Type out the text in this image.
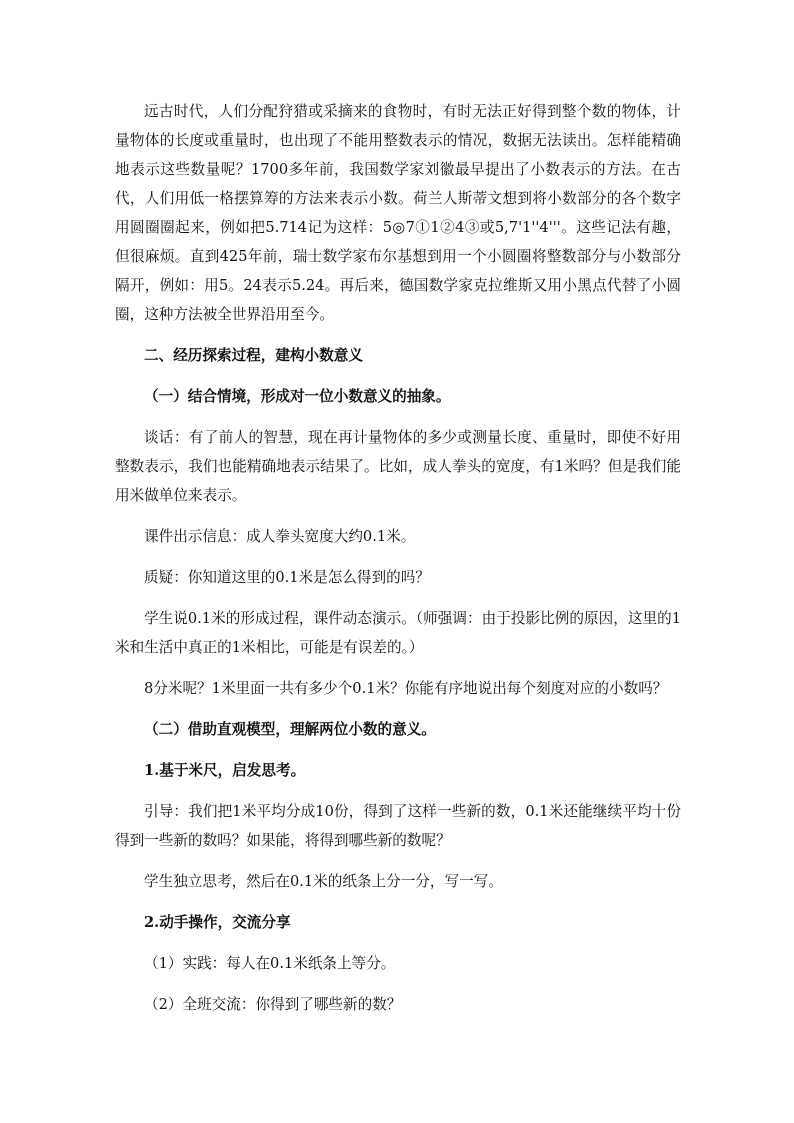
远古时代，人们分配狩猎或采摘来的食物时，有时无法正好得到整个数的物体，计量物体的长度或重量时，也出现了不能用整数表示的情况，数据无法读出。怎样能精确地表示这些数量呢？1700多年前，我国数学家刘徽最早提出了小数表示的方法。在古代，人们用低一格摆算筹的方法来表示小数。荷兰人斯蒂文想到将小数部分的各个数字用圆圈圈起来，例如把5.714记为这样：5◎7①1②4③或5,7'1''4'''。这些记法有趣，但很麻烦。直到425年前，瑞士数学家布尔基想到用一个小圆圈将整数部分与小数部分隔开，例如：用5。24表示5.24。再后来，德国数学家克拉维斯又用小黑点代替了小圆圈，这种方法被全世界沿用至今。

二、经历探索过程，建构小数意义

（一）结合情境，形成对一位小数意义的抽象。

谈话：有了前人的智慧，现在再计量物体的多少或测量长度、重量时，即使不好用整数表示，我们也能精确地表示结果了。比如，成人拳头的宽度，有1米吗？但是我们能用米做单位来表示。

课件出示信息：成人拳头宽度大约0.1米。

质疑：你知道这里的0.1米是怎么得到的吗？

学生说0.1米的形成过程，课件动态演示。（师强调：由于投影比例的原因，这里的1米和生活中真正的1米相比，可能是有误差的。）

8分米呢？1米里面一共有多少个0.1米？你能有序地说出每个刻度对应的小数吗？

（二）借助直观模型，理解两位小数的意义。

1.基于米尺，启发思考。

引导：我们把1米平均分成10份，得到了这样一些新的数，0.1米还能继续平均十份得到一些新的数吗？如果能，将得到哪些新的数呢？

学生独立思考，然后在0.1米的纸条上分一分，写一写。

2.动手操作，交流分享

（1）实践：每人在0.1米纸条上等分。

（2）全班交流：你得到了哪些新的数？
